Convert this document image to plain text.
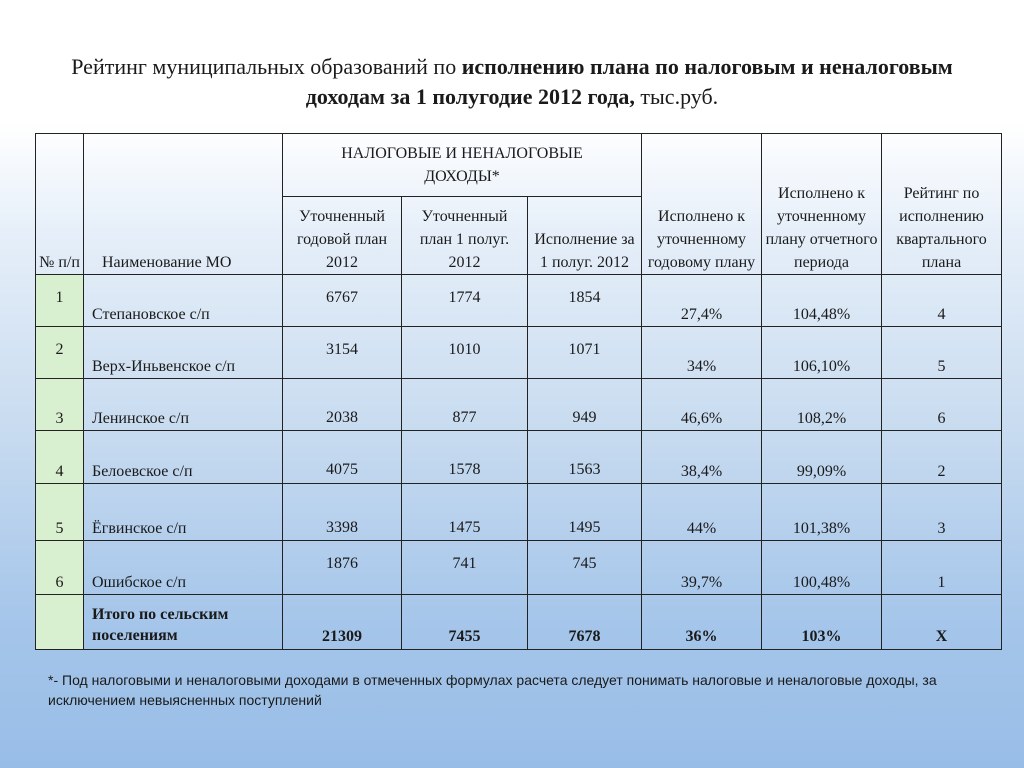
Рейтинг муниципальных образований по исполнению плана по налоговым и неналоговым доходам за 1 полугодие 2012 года, тыс.руб.
№ п/п	Наименование МО	НАЛОГОВЫЕ И НЕНАЛОГОВЫЕ ДОХОДЫ*			Исполнено к уточненному годовому плану	Исполнено к уточненному плану отчетного периода	Рейтинг по исполнению квартального плана
		Уточненный годовой план 2012	Уточненный план 1 полуг. 2012	Исполнение за 1 полуг. 2012			
1	Степановское с/п	6767	1774	1854	27,4%	104,48%	4
2	Верх-Иньвенское с/п	3154	1010	1071	34%	106,10%	5
3	Ленинское с/п	2038	877	949	46,6%	108,2%	6
4	Белоевское с/п	4075	1578	1563	38,4%	99,09%	2
5	Ёгвинское с/п	3398	1475	1495	44%	101,38%	3
6	Ошибское с/п	1876	741	745	39,7%	100,48%	1
	Итого по сельским поселениям	21309	7455	7678	36%	103%	Х
*- Под налоговыми и неналоговыми доходами в отмеченных формулах расчета следует понимать налоговые и неналоговые доходы, за исключением невыясненных поступлений
